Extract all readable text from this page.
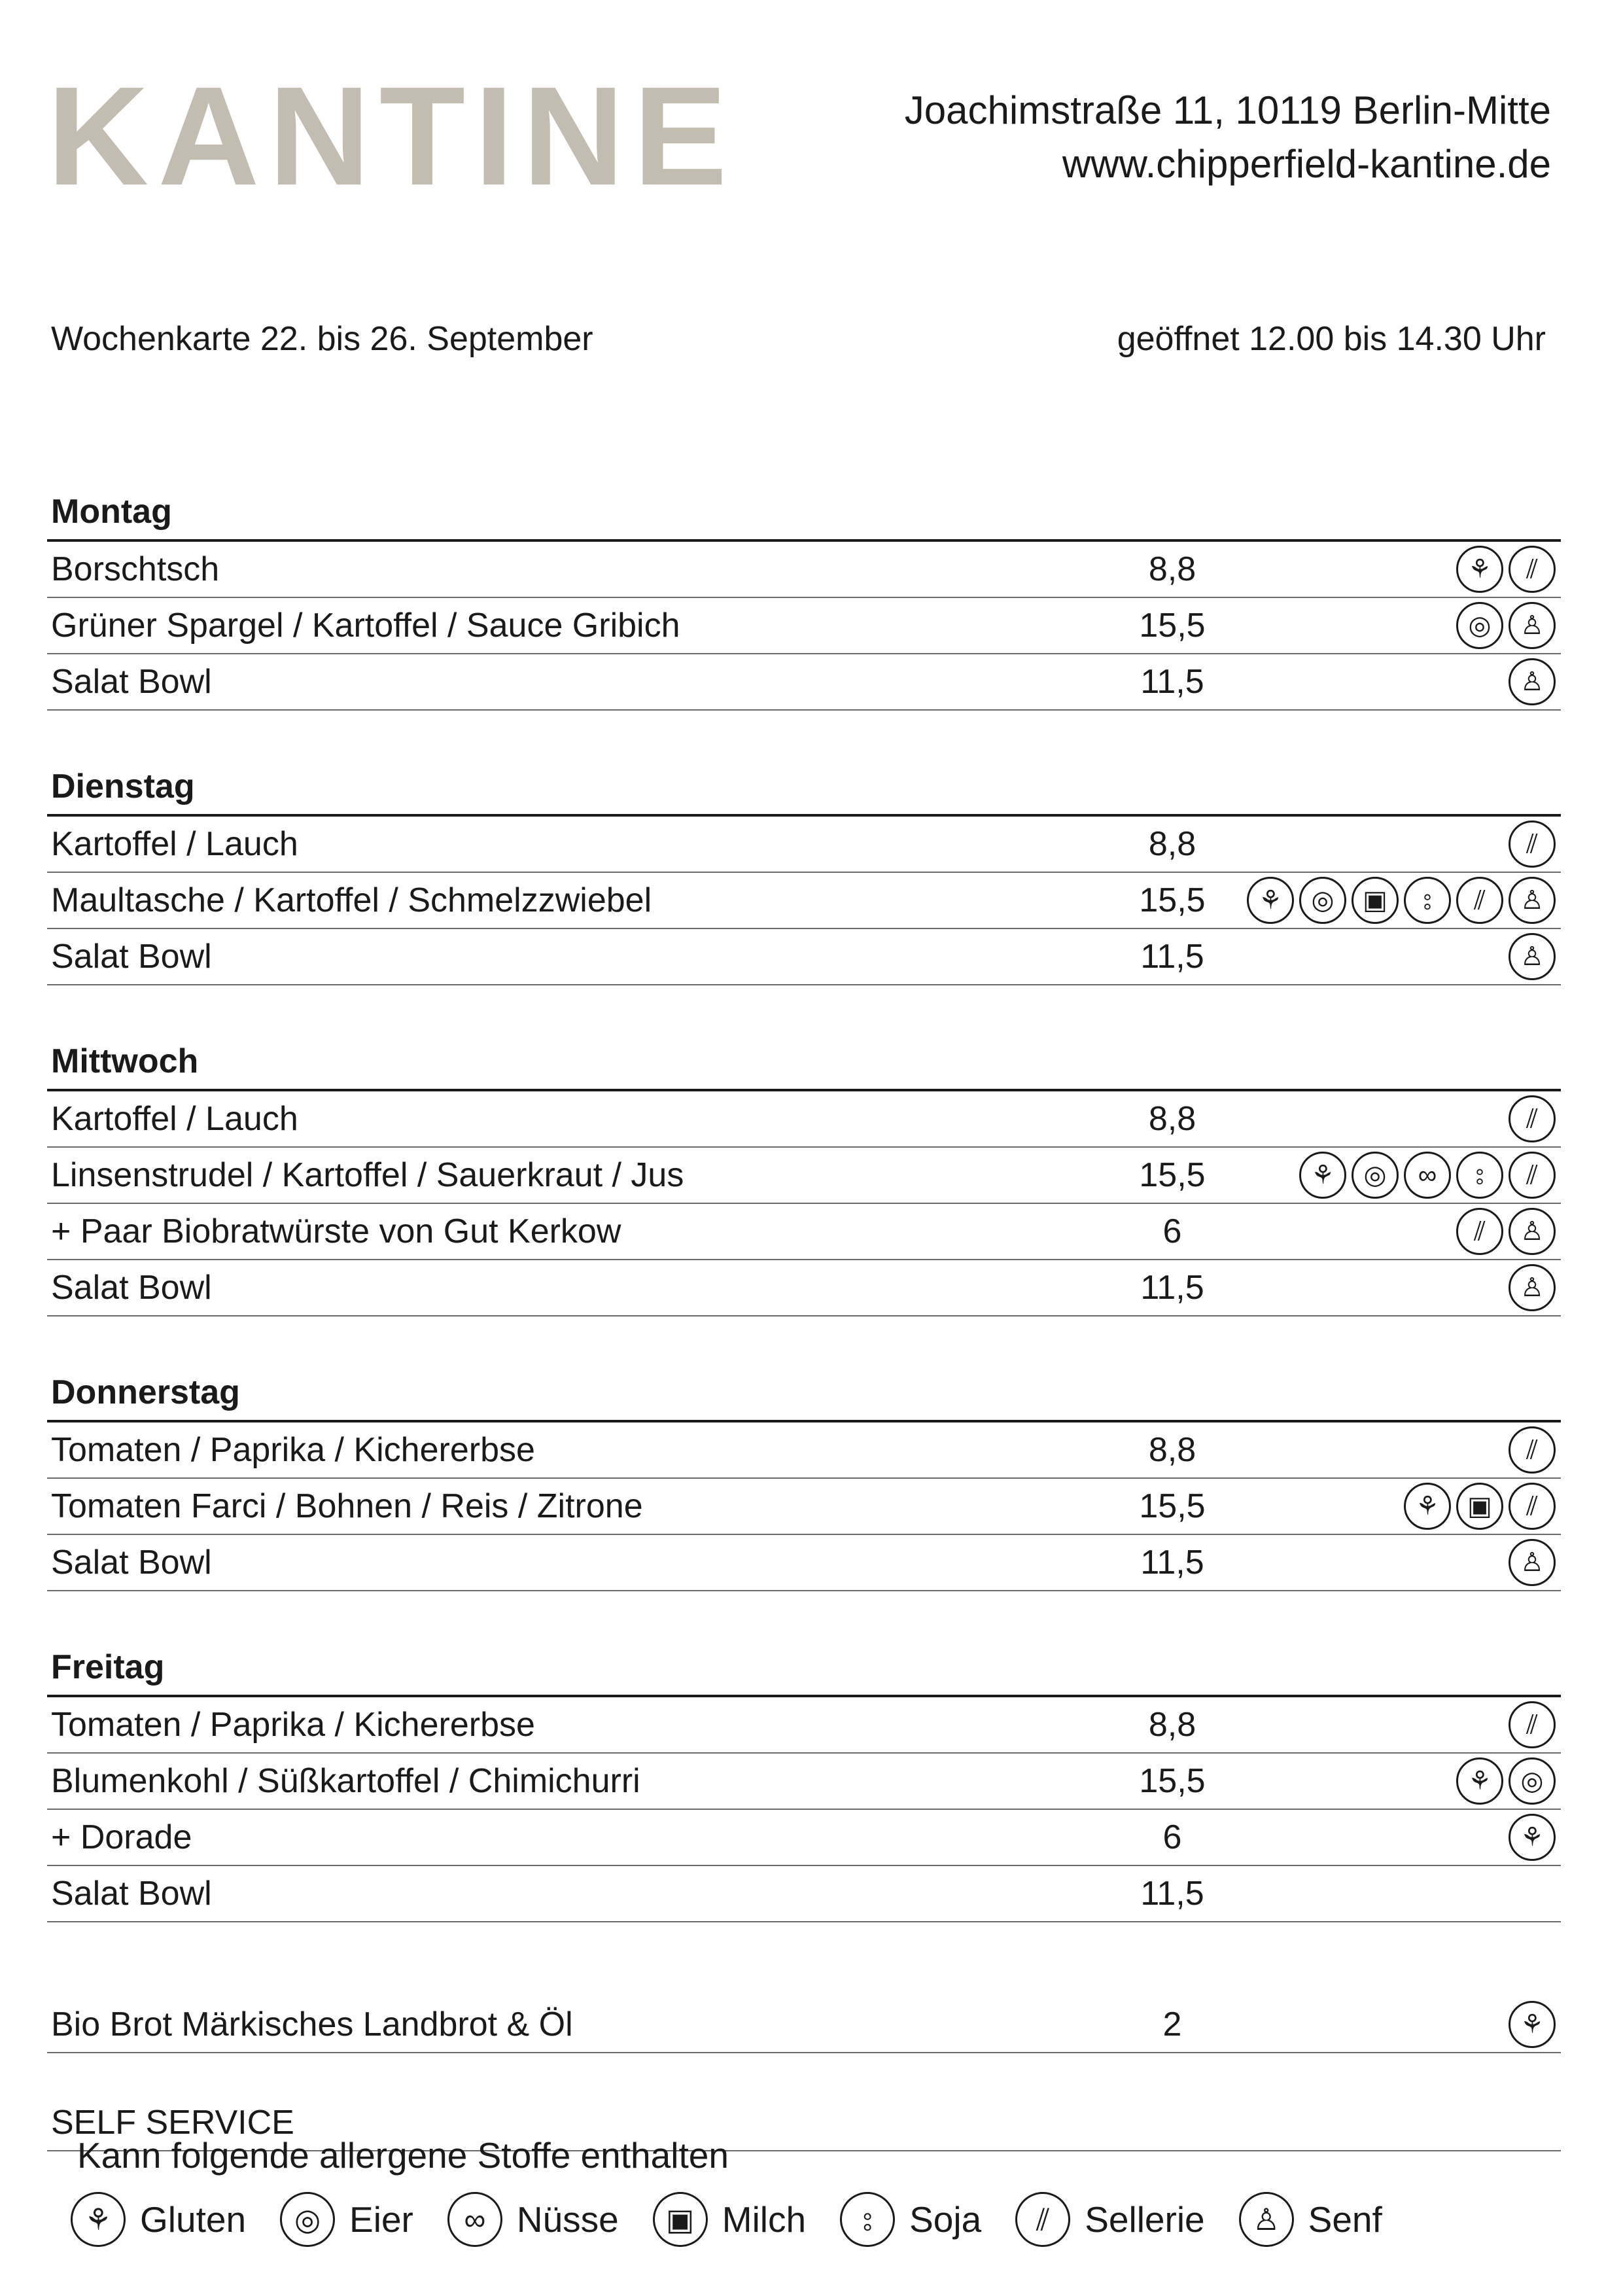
KANTINE	Joachimstraße 11, 10119 Berlin-Mitte
www.chipperfield-kantine.de
Wochenkarte 22. bis 26. September	geöffnet 12.00 bis 14.30 Uhr
Montag
Borschtsch	8,8	⚘	⫽
Grüner Spargel / Kartoffel / Sauce Gribich	15,5	◎	♙
Salat Bowl	11,5	♙
Dienstag
Kartoffel / Lauch	8,8	⫽
Maultasche / Kartoffel / Schmelzzwiebel	15,5	⚘	◎	▣	⦂	⫽	♙
Salat Bowl	11,5	♙
Mittwoch
Kartoffel / Lauch	8,8	⫽
Linsenstrudel / Kartoffel / Sauerkraut / Jus	15,5	⚘	◎	∞	⦂	⫽
+ Paar Biobratwürste von Gut Kerkow	6	⫽	♙
Salat Bowl	11,5	♙
Donnerstag
Tomaten / Paprika / Kichererbse	8,8	⫽
Tomaten Farci / Bohnen / Reis / Zitrone	15,5	⚘	▣	⫽
Salat Bowl	11,5	♙
Freitag
Tomaten / Paprika / Kichererbse	8,8	⫽
Blumenkohl / Süßkartoffel / Chimichurri	15,5	⚘	◎
+ Dorade	6	⚘
Salat Bowl	11,5
Bio Brot Märkisches Landbrot & Öl	2	⚘
SELF SERVICE
Kann folgende allergene Stoffe enthalten
⚘ Gluten	◎ Eier	∞ Nüsse	▣ Milch	⦂	Soja	⫽ Sellerie	♙ Senf
